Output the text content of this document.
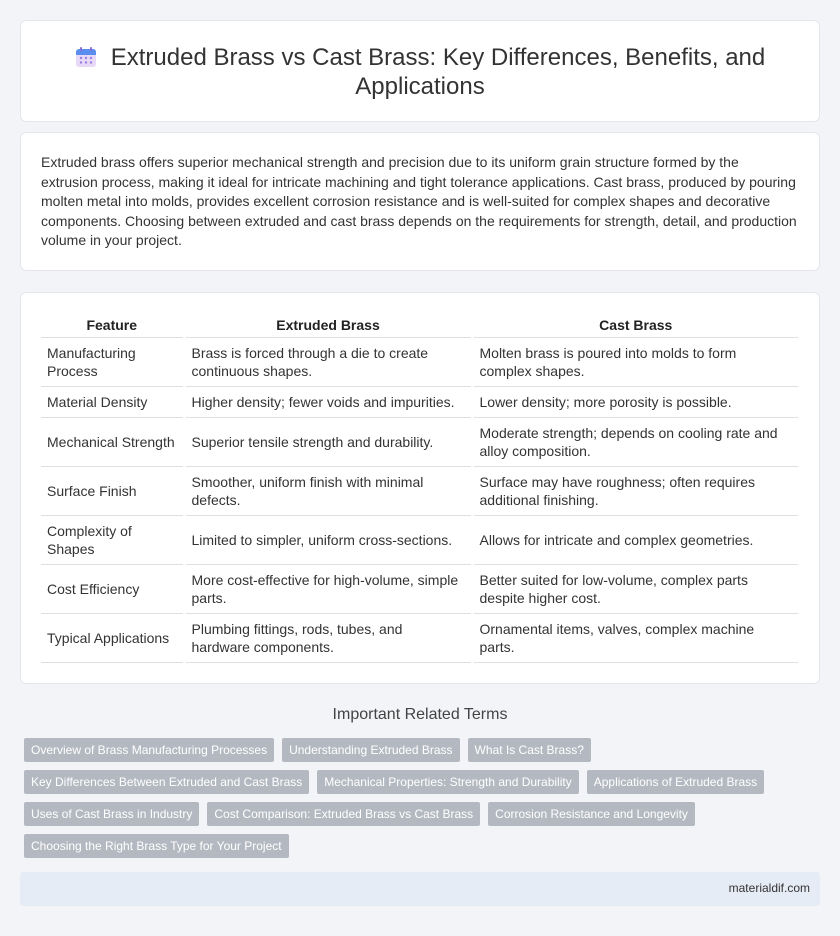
Extruded Brass vs Cast Brass: Key Differences, Benefits, and Applications

Extruded brass offers superior mechanical strength and precision due to its uniform grain structure formed by the extrusion process, making it ideal for intricate machining and tight tolerance applications. Cast brass, produced by pouring molten metal into molds, provides excellent corrosion resistance and is well-suited for complex shapes and decorative components. Choosing between extruded and cast brass depends on the requirements for strength, detail, and production volume in your project.

Feature	Extruded Brass	Cast Brass
Manufacturing Process	Brass is forced through a die to create continuous shapes.	Molten brass is poured into molds to form complex shapes.
Material Density	Higher density; fewer voids and impurities.	Lower density; more porosity is possible.
Mechanical Strength	Superior tensile strength and durability.	Moderate strength; depends on cooling rate and alloy composition.
Surface Finish	Smoother, uniform finish with minimal defects.	Surface may have roughness; often requires additional finishing.
Complexity of Shapes	Limited to simpler, uniform cross-sections.	Allows for intricate and complex geometries.
Cost Efficiency	More cost-effective for high-volume, simple parts.	Better suited for low-volume, complex parts despite higher cost.
Typical Applications	Plumbing fittings, rods, tubes, and hardware components.	Ornamental items, valves, complex machine parts.
Important Related Terms
Overview of Brass Manufacturing Processes	Understanding Extruded Brass	What Is Cast Brass?
Key Differences Between Extruded and Cast Brass	Mechanical Properties: Strength and Durability	Applications of Extruded Brass
Uses of Cast Brass in Industry	Cost Comparison: Extruded Brass vs Cast Brass	Corrosion Resistance and Longevity
Choosing the Right Brass Type for Your Project
materialdif.com
